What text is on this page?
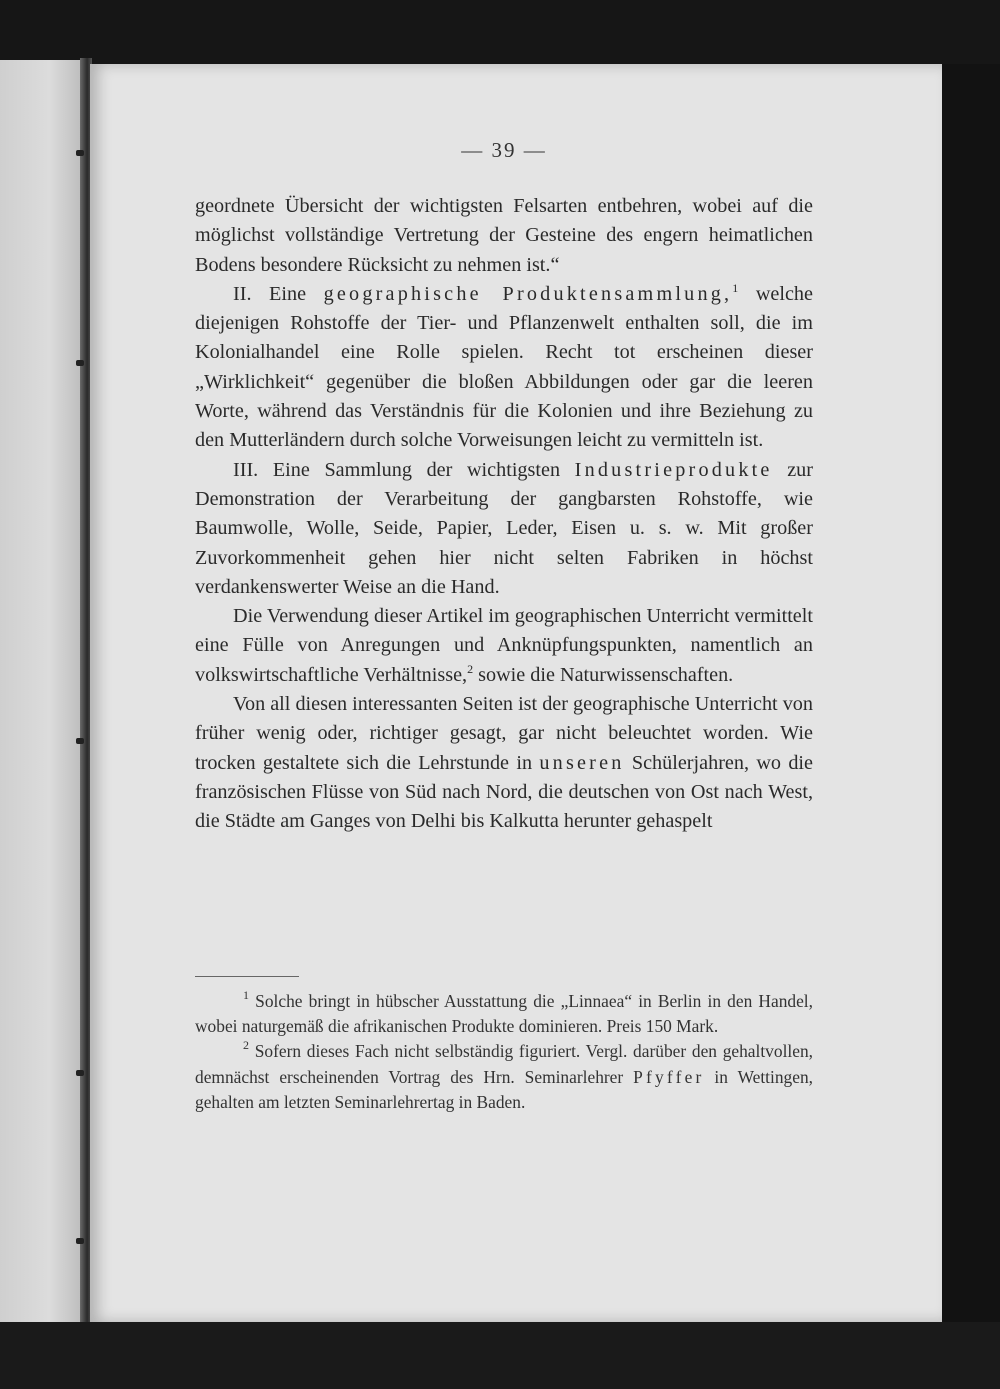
— 39 —

geordnete Übersicht der wichtigsten Felsarten entbehren, wobei auf die möglichst vollständige Vertretung der Gesteine des engern heimatlichen Bodens besondere Rücksicht zu nehmen ist.“

II. Eine geographische Produktensammlung,$^1$ welche diejenigen Rohstoffe der Tier- und Pflanzenwelt enthalten soll, die im Kolonialhandel eine Rolle spielen. Recht tot erscheinen dieser „Wirklichkeit“ gegenüber die bloßen Abbildungen oder gar die leeren Worte, während das Verständnis für die Kolonien und ihre Beziehung zu den Mutterländern durch solche Vorweisungen leicht zu vermitteln ist.

III. Eine Sammlung der wichtigsten Industrieprodukte zur Demonstration der Verarbeitung der gangbarsten Rohstoffe, wie Baumwolle, Wolle, Seide, Papier, Leder, Eisen u. s. w. Mit großer Zuvorkommenheit gehen hier nicht selten Fabriken in höchst verdankenswerter Weise an die Hand.

Die Verwendung dieser Artikel im geographischen Unterricht vermittelt eine Fülle von Anregungen und Anknüpfungspunkten, namentlich an volkswirtschaftliche Verhältnisse,$^2$ sowie die Naturwissenschaften.

Von all diesen interessanten Seiten ist der geographische Unterricht von früher wenig oder, richtiger gesagt, gar nicht beleuchtet worden. Wie trocken gestaltete sich die Lehrstunde in unseren Schülerjahren, wo die französischen Flüsse von Süd nach Nord, die deutschen von Ost nach West, die Städte am Ganges von Delhi bis Kalkutta herunter gehaspelt

$^1$ Solche bringt in hübscher Ausstattung die „Linnaea“ in Berlin in den Handel, wobei naturgemäß die afrikanischen Produkte dominieren. Preis 150 Mark.

$^2$ Sofern dieses Fach nicht selbständig figuriert. Vergl. darüber den gehaltvollen, demnächst erscheinenden Vortrag des Hrn. Seminarlehrer Pfyffer in Wettingen, gehalten am letzten Seminarlehrertag in Baden.
